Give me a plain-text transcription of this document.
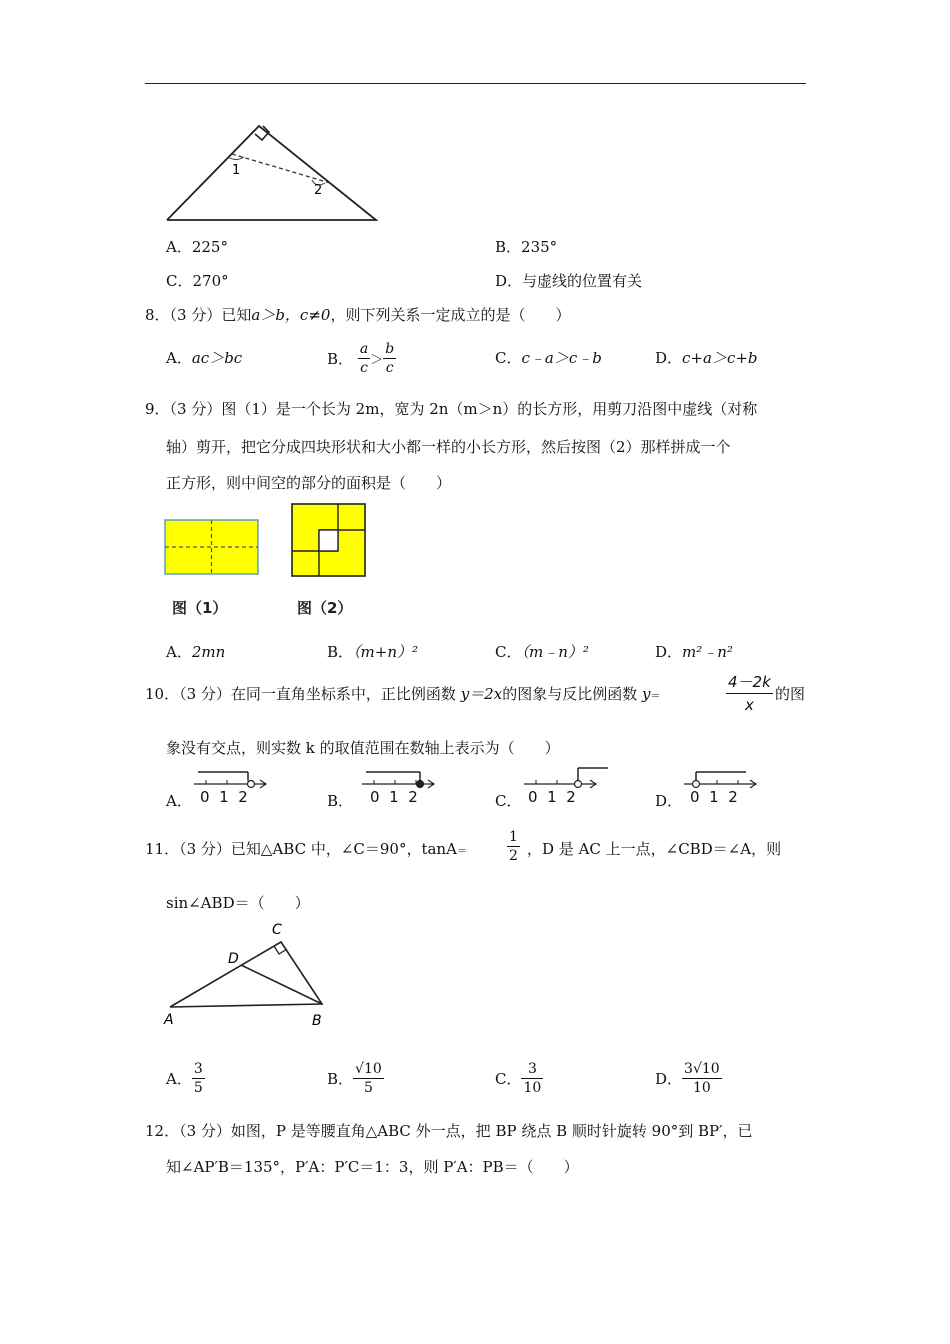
1
2
A．225°	B．235°
C．270°	D．与虚线的位置有关
8．（3 分）已知a＞b，c≠0，则下列关系一定成立的是（　　）
A．ac＞bc	B． $\frac{a}{c} > \frac{b}{c}$	C．c﹣a＞c﹣b	D．c+a＞c+b
9．（3 分）图（1）是一个长为 2m，宽为 2n（m＞n）的长方形，用剪刀沿图中虚线（对称
轴）剪开，把它分成四块形状和大小都一样的小长方形，然后按图（2）那样拼成一个
正方形，则中间空的部分的面积是（　　）
图（1）	图（2）
A．2mn	B．（m+n）²	C．（m﹣n）²	D．m²﹣n²
10．（3 分）在同一直角坐标系中，正比例函数 y＝2x的图象与反比例函数 y＝	$\frac{4-2k}{x}$ 的图
象没有交点，则实数 k 的取值范围在数轴上表示为（　　）
A． 0 1 2	B． 0 1 2	C． 0 1 2	D． 0 1 2
11．（3 分）已知△ABC 中，∠C＝90°，tanA＝	$\frac{1}{2}$ ，D 是 AC 上一点，∠CBD＝∠A，则
sin∠ABD＝（　　）
C
D
A	B
A． $\frac{3}{5}$	B． $\frac{√10}{5}$	C． $\frac{3}{10}$	D． $\frac{3√10}{10}$
12．（3 分）如图，P 是等腰直角△ABC 外一点，把 BP 绕点 B 顺时针旋转 90°到 BP′，已
知∠AP′B＝135°，P′A：P′C＝1：3，则 P′A：PB＝（　　）
